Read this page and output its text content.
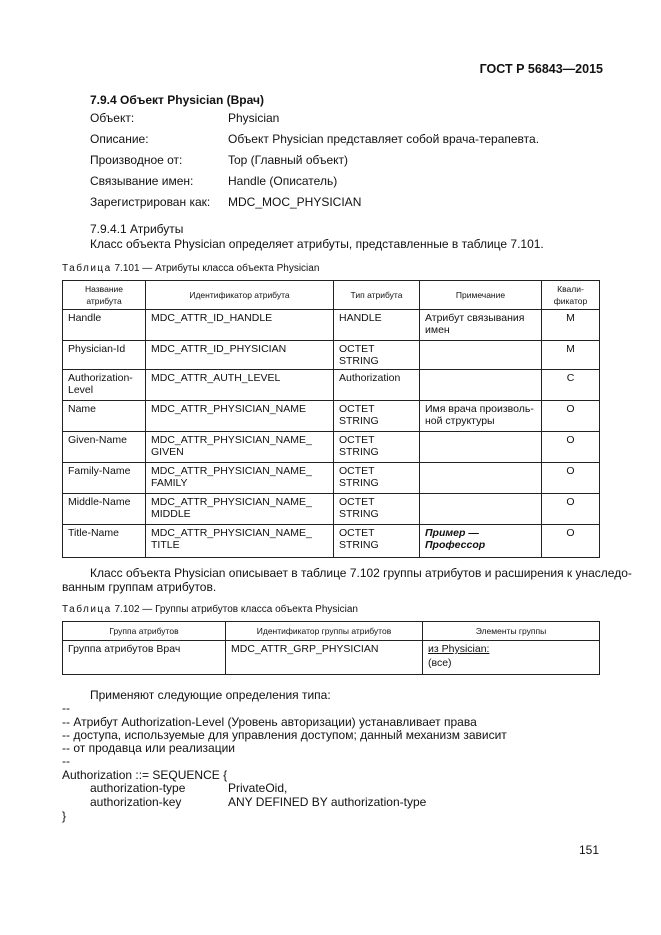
ГОСТ Р 56843—2015
7.9.4 Объект Physician (Врач)
Объект:	Physician
Описание:	Объект Physician представляет собой врача-терапевта.
Производное от:	Top (Главный объект)
Связывание имен:	Handle (Описатель)
Зарегистрирован как: MDC_MOC_PHYSICIAN
7.9.4.1 Атрибуты
Класс объекта Physician определяет атрибуты, представленные в таблице 7.101.
Таблица 7.101 — Атрибуты класса объекта Physician
Название
атрибута	Идентификатор атрибута	Тип атрибута	Примечание	Квали-
фикатор
Handle	MDC_ATTR_ID_HANDLE	HANDLE	Атрибут связывания имен	M
Physician-Id	MDC_ATTR_ID_PHYSICIAN	OCTET STRING		M
Authorization-Level	MDC_ATTR_AUTH_LEVEL	Authorization		C
Name	MDC_ATTR_PHYSICIAN_NAME	OCTET STRING	Имя врача произволь-ной структуры	O
Given-Name	MDC_ATTR_PHYSICIAN_NAME_ GIVEN	OCTET STRING		O
Family-Name	MDC_ATTR_PHYSICIAN_NAME_ FAMILY	OCTET STRING		O
Middle-Name	MDC_ATTR_PHYSICIAN_NAME_ MIDDLE	OCTET STRING		O
Title-Name	MDC_ATTR_PHYSICIAN_NAME_ TITLE	OCTET STRING	Пример — Профессор	O
Класс объекта Physician описывает в таблице 7.102 группы атрибутов и расширения к унаследо-
ванным группам атрибутов.
Таблица 7.102 — Группы атрибутов класса объекта Physician
Группа атрибутов	Идентификатор группы атрибутов	Элементы группы
Группа атрибутов Врач	MDC_ATTR_GRP_PHYSICIAN	из Physician:
(все)
Применяют следующие определения типа:
--
-- Атрибут Authorization-Level (Уровень авторизации) устанавливает права
-- доступа, используемые для управления доступом; данный механизм зависит
-- от продавца или реализации
--
Authorization ::= SEQUENCE {
authorization-type	PrivateOid,
authorization-key	ANY DEFINED BY authorization-type
}
151
